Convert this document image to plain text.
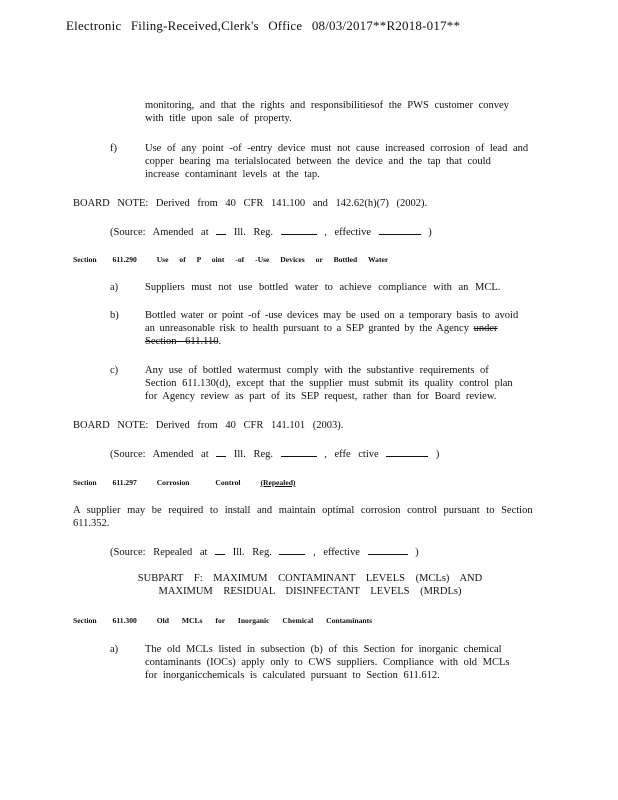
Electronic Filing-Received,Clerk's Office 08/03/2017**R2018-017**
monitoring, and that the rights and responsibilitiesof the PWS customer convey
with title upon sale of property.
f)	Use of any point -of -entry device must not cause increased corrosion of lead and
copper bearing ma terialslocated between the device and the tap that could
increase contaminant levels at the tap.
BOARD NOTE: Derived from 40 CFR 141.100 and 142.62(h)(7) (2002).
(Source: Amended at Ill. Reg.	, effective	)
Section 611.290	Use of P oint -of -Use Devices or Bottled Water
a)	Suppliers must not use bottled water to achieve compliance with an MCL.
b)	Bottled water or point -of -use devices may be used on a temporary basis to avoid
an unreasonable risk to health pursuant to a SEP granted by the Agency under
Section 611.110.
c)	Any use of bottled watermust comply with the substantive requirements of
Section 611.130(d), except that the supplier must submit its quality control plan
for Agency review as part of its SEP request, rather than for Board review.
BOARD NOTE: Derived from 40 CFR 141.101 (2003).
(Source: Amended at Ill. Reg.	, effe ctive	)
Section 611.297	Corrosion Control	(Repealed)
A supplier may be required to install and maintain optimal corrosion control pursuant to Section
611.352.
(Source: Repealed at Ill. Reg.	, effective	)
SUBPART F: MAXIMUM CONTAMINANT LEVELS (MCLs) AND
MAXIMUM RESIDUAL DISINFECTANT LEVELS (MRDLs)
Section 611.300	Old MCLs for Inorganic Chemical Contaminants
a)	The old MCLs listed in subsection (b) of this Section for inorganic chemical
contaminants (IOCs) apply only to CWS suppliers. Compliance with old MCLs
for inorganicchemicals is calculated pursuant to Section 611.612.
